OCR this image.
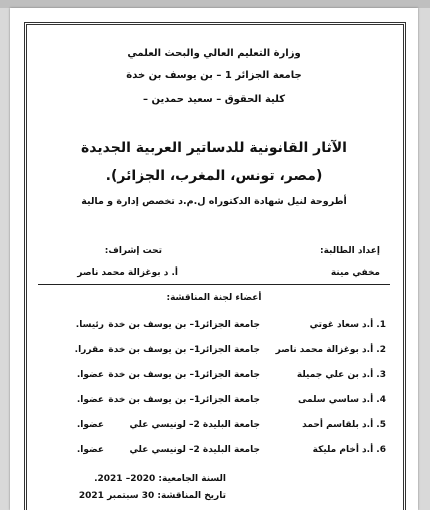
وزارة التعليم العالي والبحث العلمي
جامعة الجزائر 1 – بن يوسف بن خدة
كلية الحقوق – سعيد حمدين –
الآثار القانونية للدساتير العربية الجديدة
(مصر، تونس، المغرب، الجزائر).
أطروحة لنيل شهادة الدكتوراه ل.م.د تخصص إدارة و مالية
إعداد الطالبة:
تحت إشراف:
مخفي مينة
أ. د بوغزالة محمد ناصر
أعضاء لجنة المناقشة:
1. أ.د سعاد غوتي
جامعة الجزائر1– بن يوسف بن خدة
رئيسا.
2. أ.د بوغزالة محمد ناصر
جامعة الجزائر1– بن يوسف بن خدة
مقررا.
3. أ.د بن علي جميلة
جامعة الجزائر1– بن يوسف بن خدة
عضوا.
4. أ.د ساسي سلمى
جامعة الجزائر1– بن يوسف بن خدة
عضوا.
5. أ.د بلقاسم أحمد
جامعة البليدة 2– لونيسي علي
عضوا.
6. أ.د أخام مليكة
جامعة البليدة 2– لونيسي علي
عضوا.
السنة الجامعية: 2020– 2021.
تاريخ المناقشة: 30 سبتمبر 2021
